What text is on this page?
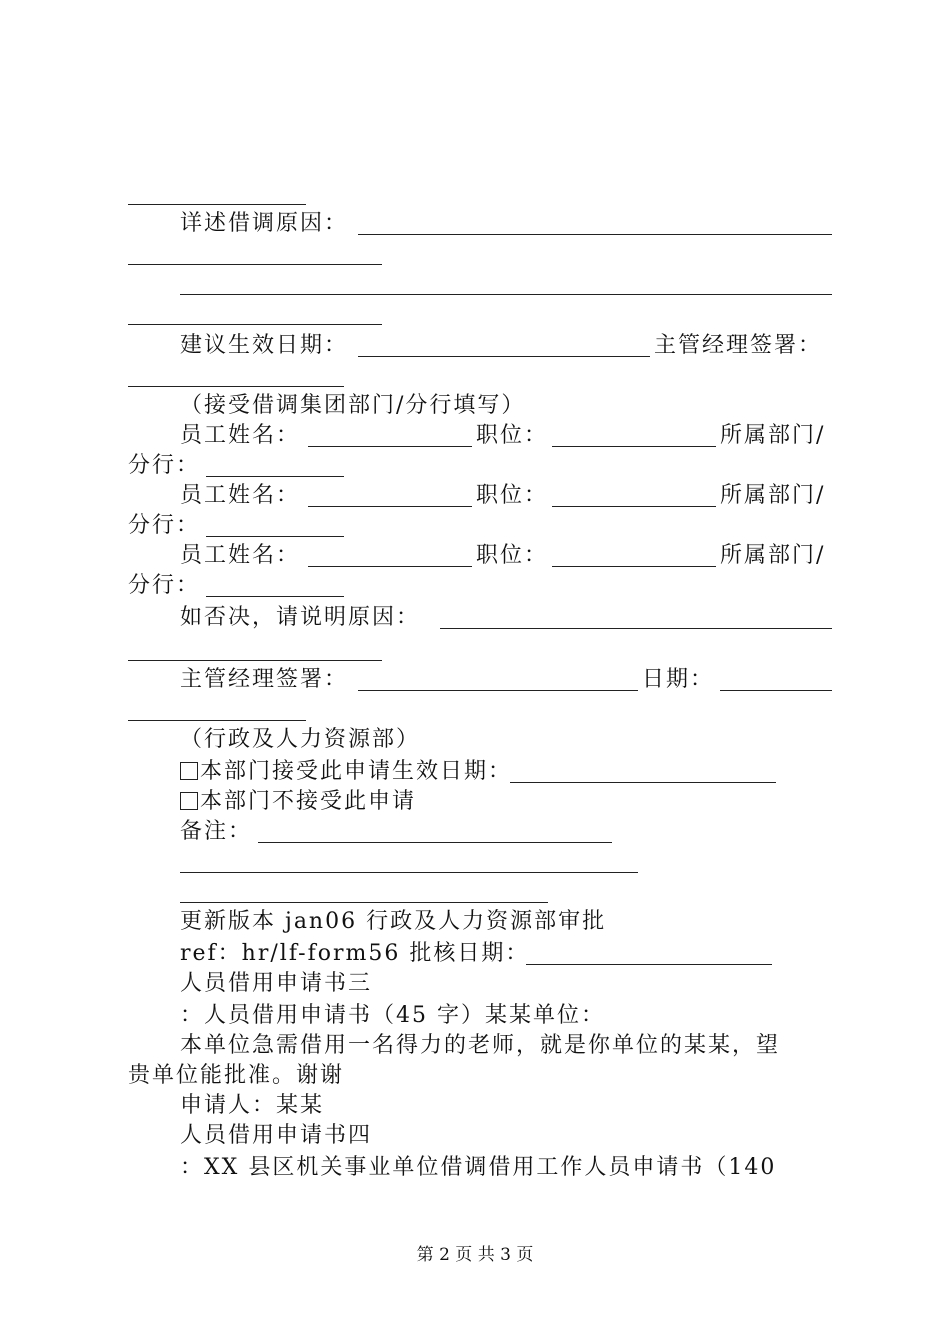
详述借调原因：
建议生效日期：	主管经理签署：
（接受借调集团部门/分行填写）
员工姓名：	职位：	所属部门/
分行：
员工姓名：	职位：	所属部门/
分行：
员工姓名：	职位：	所属部门/
分行：
如否决，请说明原因：
主管经理签署：	日期：
（行政及人力资源部）
本部门接受此申请生效日期：
本部门不接受此申请
备注：
更新版本 jan06 行政及人力资源部审批
ref：hr/lf-form56 批核日期：
人员借用申请书三
：人员借用申请书（45 字）某某单位：
本单位急需借用一名得力的老师，就是你单位的某某，望
贵单位能批准。谢谢
申请人：某某
人员借用申请书四
：XX 县区机关事业单位借调借用工作人员申请书（140
第 2 页 共 3 页
